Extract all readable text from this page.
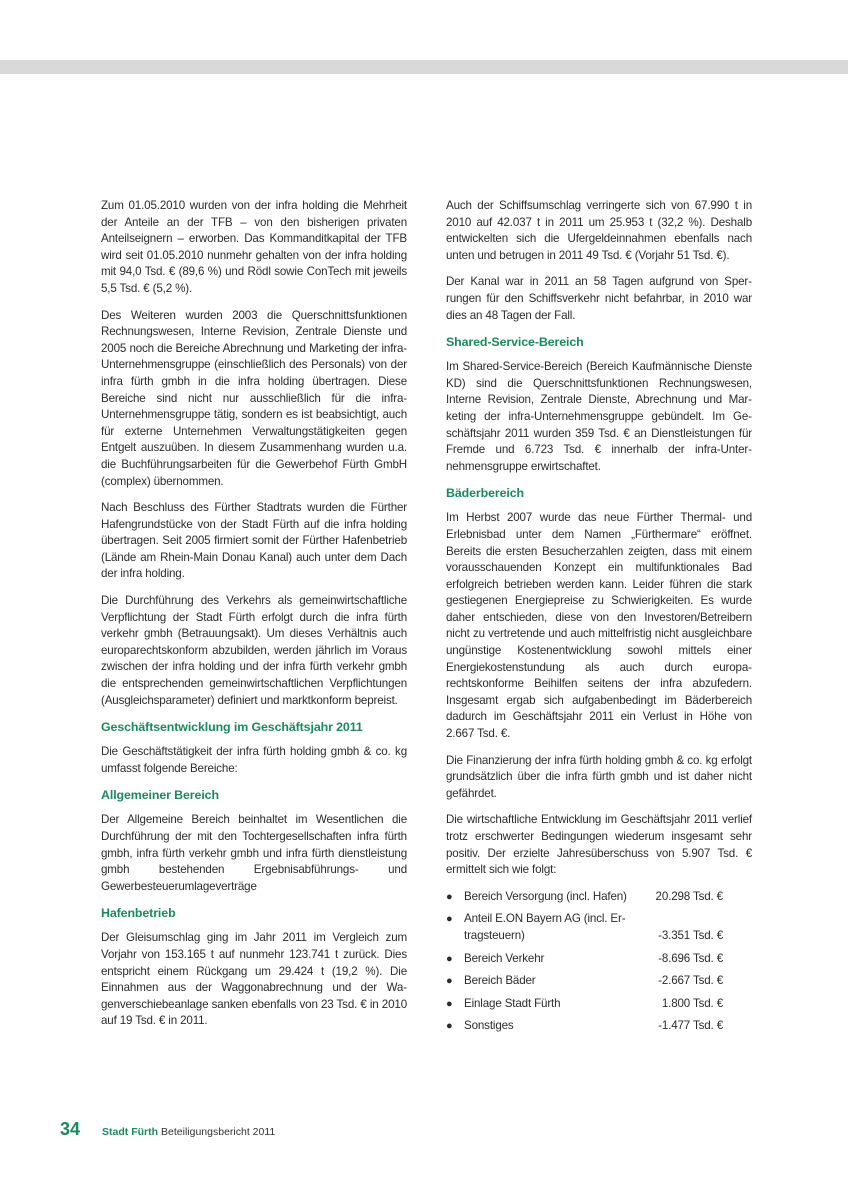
Zum 01.05.2010 wurden von der infra holding die Mehrheit der Anteile an der TFB – von den bisherigen privaten Anteilseignern – erworben. Das Kommanditkapital der TFB wird seit 01.05.2010 nunmehr gehalten von der infra holding mit 94,0 Tsd. € (89,6 %) und Rödl sowie ConTech mit jeweils 5,5 Tsd. € (5,2 %).

Des Weiteren wurden 2003 die Querschnittsfunktionen Rechnungswesen, Interne Revision, Zentrale Dienste und 2005 noch die Bereiche Abrechnung und Marketing der infra-Unternehmensgruppe (einschließlich des Personals) von der infra fürth gmbh in die infra holding übertragen. Diese Bereiche sind nicht nur ausschließlich für die infra-Unternehmensgruppe tätig, sondern es ist beabsichtigt, auch für externe Unternehmen Verwaltungstätigkeiten gegen Entgelt auszuüben. In diesem Zusammenhang wurden u.a. die Buchführungsarbeiten für die Gewerbehof Fürth GmbH (complex) übernommen.

Nach Beschluss des Fürther Stadtrats wurden die Fürther Hafengrundstücke von der Stadt Fürth auf die infra holding übertragen. Seit 2005 firmiert somit der Fürther Hafenbetrieb (Lände am Rhein-Main Donau Kanal) auch unter dem Dach der infra holding.

Die Durchführung des Verkehrs als gemeinwirtschaftliche Verpflichtung der Stadt Fürth erfolgt durch die infra fürth verkehr gmbh (Betrauungsakt). Um dieses Verhältnis auch europarechtskonform abzubilden, werden jährlich im Voraus zwischen der infra holding und der infra fürth verkehr gmbh die entsprechenden gemeinwirtschaftlichen Verpflichtungen (Ausgleichsparameter) definiert und marktkonform bepreist.

Geschäftsentwicklung im Geschäftsjahr 2011

Die Geschäftstätigkeit der infra fürth holding gmbh & co. kg umfasst folgende Bereiche:

Allgemeiner Bereich

Der Allgemeine Bereich beinhaltet im Wesentlichen die Durchführung der mit den Tochtergesellschaften infra fürth gmbh, infra fürth verkehr gmbh und infra fürth dienstleistung gmbh bestehenden Ergebnisabführungs- und Gewerbesteuerumlageverträge

Hafenbetrieb

Der Gleisumschlag ging im Jahr 2011 im Vergleich zum Vorjahr von 153.165 t auf nunmehr 123.741 t zurück. Dies entspricht einem Rückgang um 29.424 t (19,2 %). Die Einnahmen aus der Waggonabrechnung und der Wagenverschiebeanlage sanken ebenfalls von 23 Tsd. € in 2010 auf 19 Tsd. € in 2011.

Auch der Schiffsumschlag verringerte sich von 67.990 t in 2010 auf 42.037 t in 2011 um 25.953 t (32,2 %). Deshalb entwickelten sich die Ufergeldeinnahmen ebenfalls nach unten und betrugen in 2011 49 Tsd. € (Vorjahr 51 Tsd. €).

Der Kanal war in 2011 an 58 Tagen aufgrund von Sperrungen für den Schiffsverkehr nicht befahrbar, in 2010 war dies an 48 Tagen der Fall.

Shared-Service-Bereich

Im Shared-Service-Bereich (Bereich Kaufmännische Dienste KD) sind die Querschnittsfunktionen Rechnungswesen, Interne Revision, Zentrale Dienste, Abrechnung und Marketing der infra-Unternehmensgruppe gebündelt. Im Geschäftsjahr 2011 wurden 359 Tsd. € an Dienstleistungen für Fremde und 6.723 Tsd. € innerhalb der infra-Unternehmensgruppe erwirtschaftet.

Bäderbereich

Im Herbst 2007 wurde das neue Fürther Thermal- und Erlebnisbad unter dem Namen „Fürthermare“ eröffnet. Bereits die ersten Besucherzahlen zeigten, dass mit einem vorausschauenden Konzept ein multifunktionales Bad erfolgreich betrieben werden kann. Leider führen die stark gestiegenen Energiepreise zu Schwierigkeiten. Es wurde daher entschieden, diese von den Investoren/Betreibern nicht zu vertretende und auch mittelfristig nicht ausgleichbare ungünstige Kostenentwicklung sowohl mittels einer Energiekostenstundung als auch durch europarechtskonforme Beihilfen seitens der infra abzufedern. Insgesamt ergab sich aufgabenbedingt im Bäderbereich dadurch im Geschäftsjahr 2011 ein Verlust in Höhe von 2.667 Tsd. €.

Die Finanzierung der infra fürth holding gmbh & co. kg erfolgt grundsätzlich über die infra fürth gmbh und ist daher nicht gefährdet.

Die wirtschaftliche Entwicklung im Geschäftsjahr 2011 verlief trotz erschwerter Bedingungen wiederum insgesamt sehr positiv. Der erzielte Jahresüberschuss von 5.907 Tsd. € ermittelt sich wie folgt:

● Bereich Versorgung (incl. Hafen)	20.298 Tsd. €
● Anteil E.ON Bayern AG (incl. Ertragsteuern)	-3.351 Tsd. €
● Bereich Verkehr	-8.696 Tsd. €
● Bereich Bäder	-2.667 Tsd. €
● Einlage Stadt Fürth	1.800 Tsd. €
● Sonstiges	-1.477 Tsd. €
34 Stadt Fürth Beteiligungsbericht 2011
